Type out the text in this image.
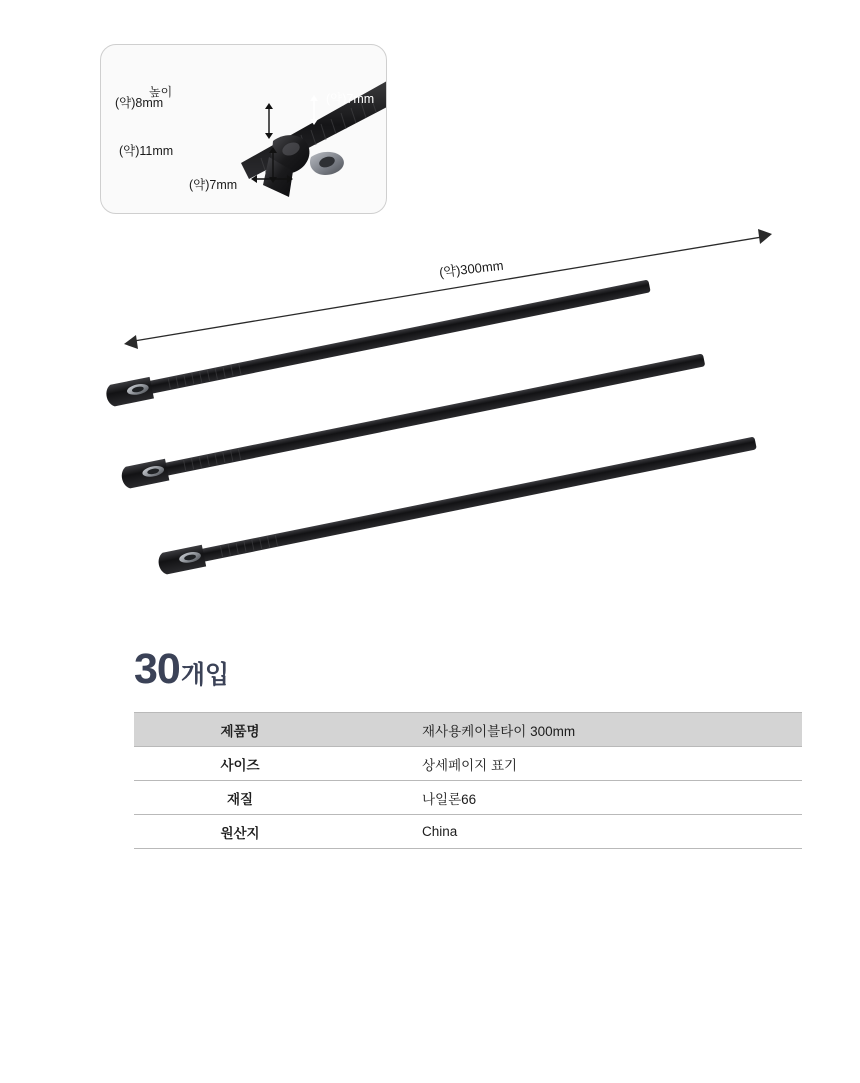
높이
(약)8mm
(약)11mm
(약)7mm
(약)7mm
(약)300mm
30 개입
제품명	재사용케이블타이 300mm
사이즈	상세페이지 표기
재질	나일론66
원산지	China
